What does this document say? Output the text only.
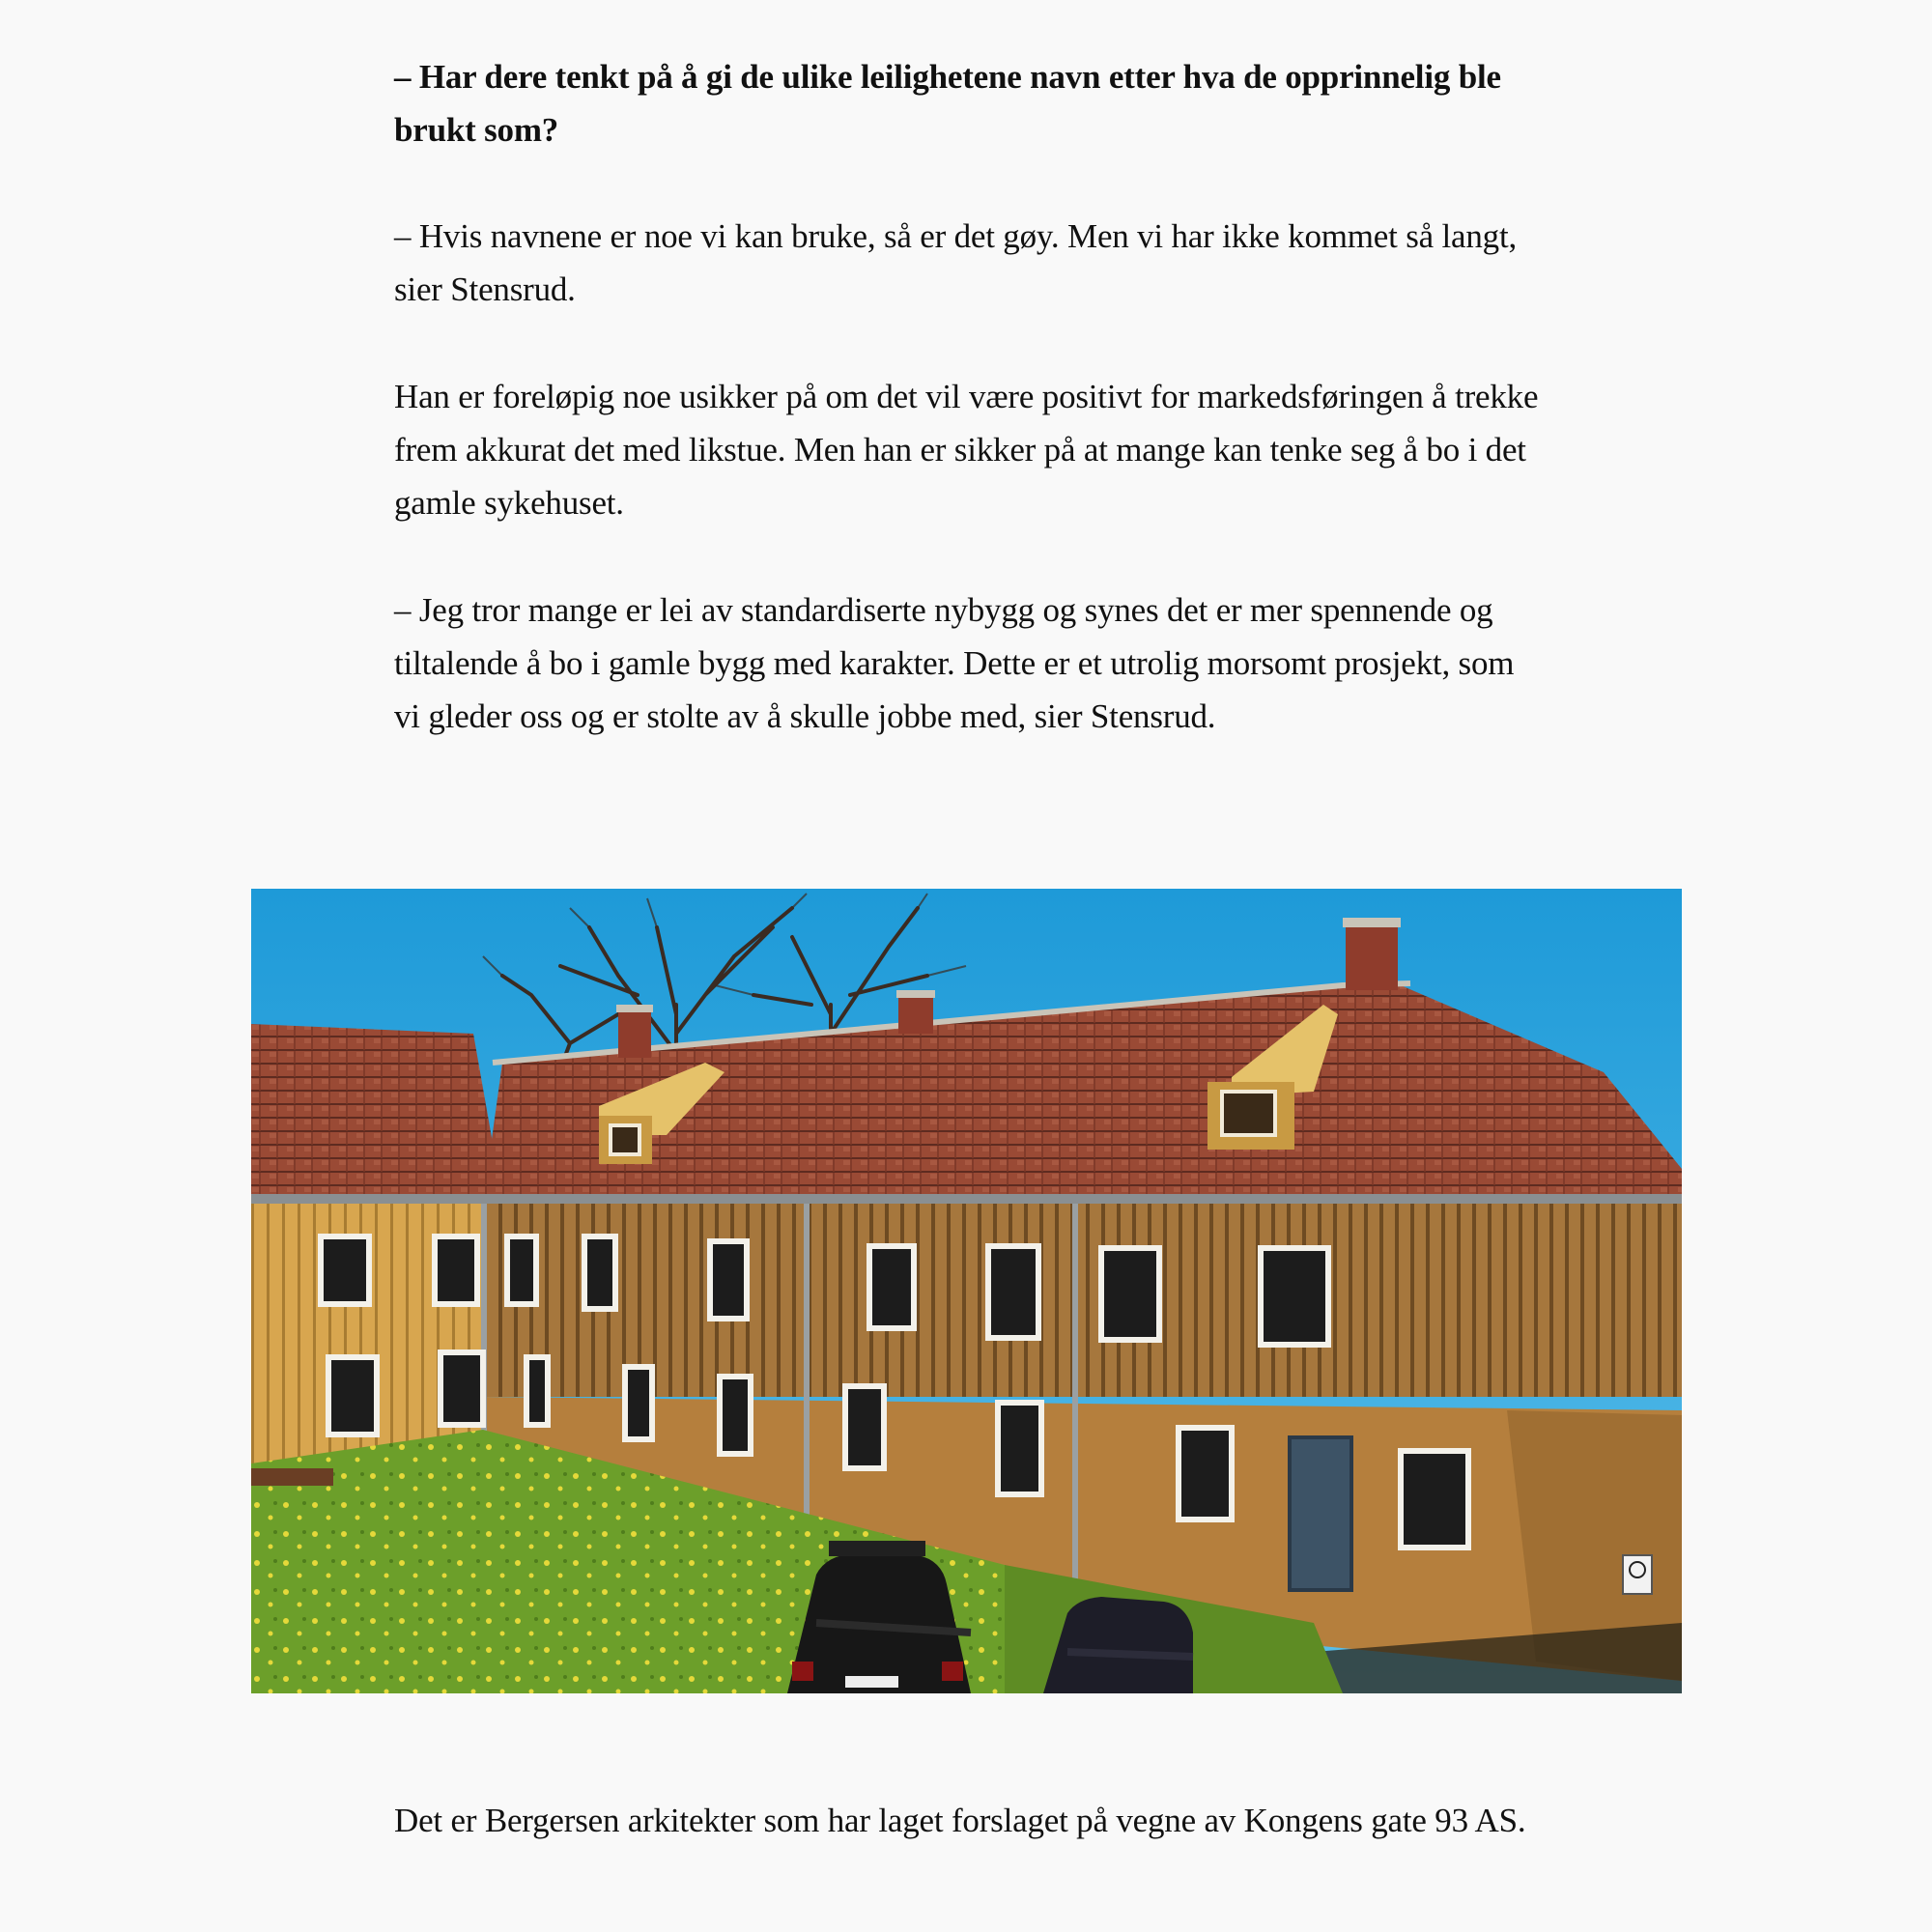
– Har dere tenkt på å gi de ulike leilighetene navn etter hva de opprinnelig ble brukt som?

– Hvis navnene er noe vi kan bruke, så er det gøy. Men vi har ikke kommet så langt, sier Stensrud.

Han er foreløpig noe usikker på om det vil være positivt for markedsføringen å trekke frem akkurat det med likstue. Men han er sikker på at mange kan tenke seg å bo i det gamle sykehuset.

– Jeg tror mange er lei av standardiserte nybygg og synes det er mer spennende og tiltalende å bo i gamle bygg med karakter. Dette er et utrolig morsomt prosjekt, som vi gleder oss og er stolte av å skulle jobbe med, sier Stensrud.

Det er Bergersen arkitekter som har laget forslaget på vegne av Kongens gate 93 AS.
